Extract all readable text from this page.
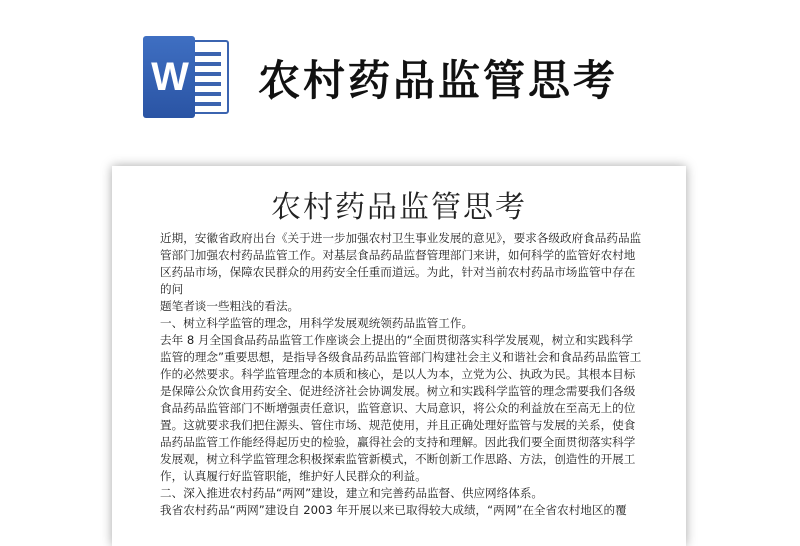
W 农村药品监管思考
农村药品监管思考

近期，安徽省政府出台《关于进一步加强农村卫生事业发展的意见》，要求各级政府食品药品监管部门加强农村药品监管工作。对基层食品药品监督管理部门来讲，如何科学的监管好农村地区药品市场，保障农民群众的用药安全任重而道远。为此，针对当前农村药品市场监管中存在的问

题笔者谈一些粗浅的看法。

一、树立科学监管的理念，用科学发展观统领药品监管工作。

去年 8 月全国食品药品监管工作座谈会上提出的“全面贯彻落实科学发展观，树立和实践科学监管的理念”重要思想，是指导各级食品药品监管部门构建社会主义和谐社会和食品药品监管工作的必然要求。科学监管理念的本质和核心，是以人为本，立党为公、执政为民。其根本目标是保障公众饮食用药安全、促进经济社会协调发展。树立和实践科学监管的理念需要我们各级食品药品监管部门不断增强责任意识，监管意识、大局意识，将公众的利益放在至高无上的位置。这就要求我们把住源头、管住市场、规范使用，并且正确处理好监管与发展的关系，使食品药品监管工作能经得起历史的检验，赢得社会的支持和理解。因此我们要全面贯彻落实科学发展观，树立科学监管理念积极探索监管新模式，不断创新工作思路、方法，创造性的开展工作，认真履行好监管职能，维护好人民群众的利益。

二、深入推进农村药品“两网”建设，建立和完善药品监督、供应网络体系。

我省农村药品“两网”建设自 2003 年开展以来已取得较大成绩，“两网”在全省农村地区的覆
